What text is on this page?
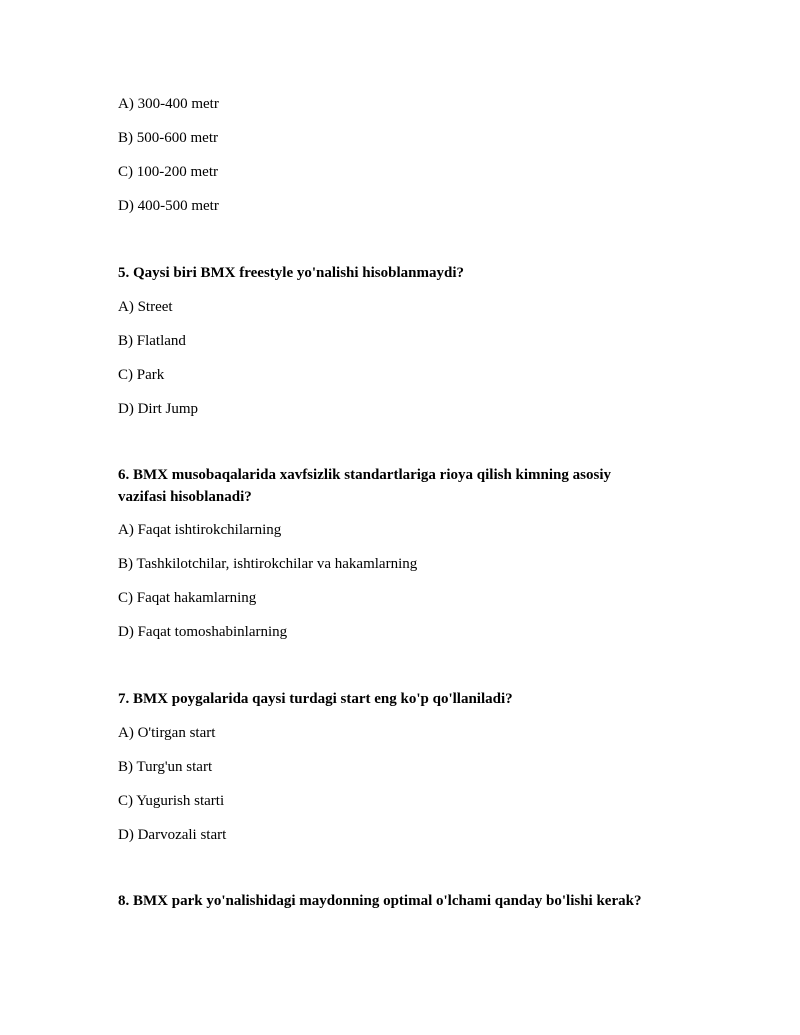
A) 300-400 metr
B) 500-600 metr
C) 100-200 metr
D) 400-500 metr
5. Qaysi biri BMX freestyle yo'nalishi hisoblanmaydi?
A) Street
B) Flatland
C) Park
D) Dirt Jump
6. BMX musobaqalarida xavfsizlik standartlariga rioya qilish kimning asosiy
vazifasi hisoblanadi?
A) Faqat ishtirokchilarning
B) Tashkilotchilar, ishtirokchilar va hakamlarning
C) Faqat hakamlarning
D) Faqat tomoshabinlarning
7. BMX poygalarida qaysi turdagi start eng ko'p qo'llaniladi?
A) O'tirgan start
B) Turg'un start
C) Yugurish starti
D) Darvozali start
8. BMX park yo'nalishidagi maydonning optimal o'lchami qanday bo'lishi kerak?
